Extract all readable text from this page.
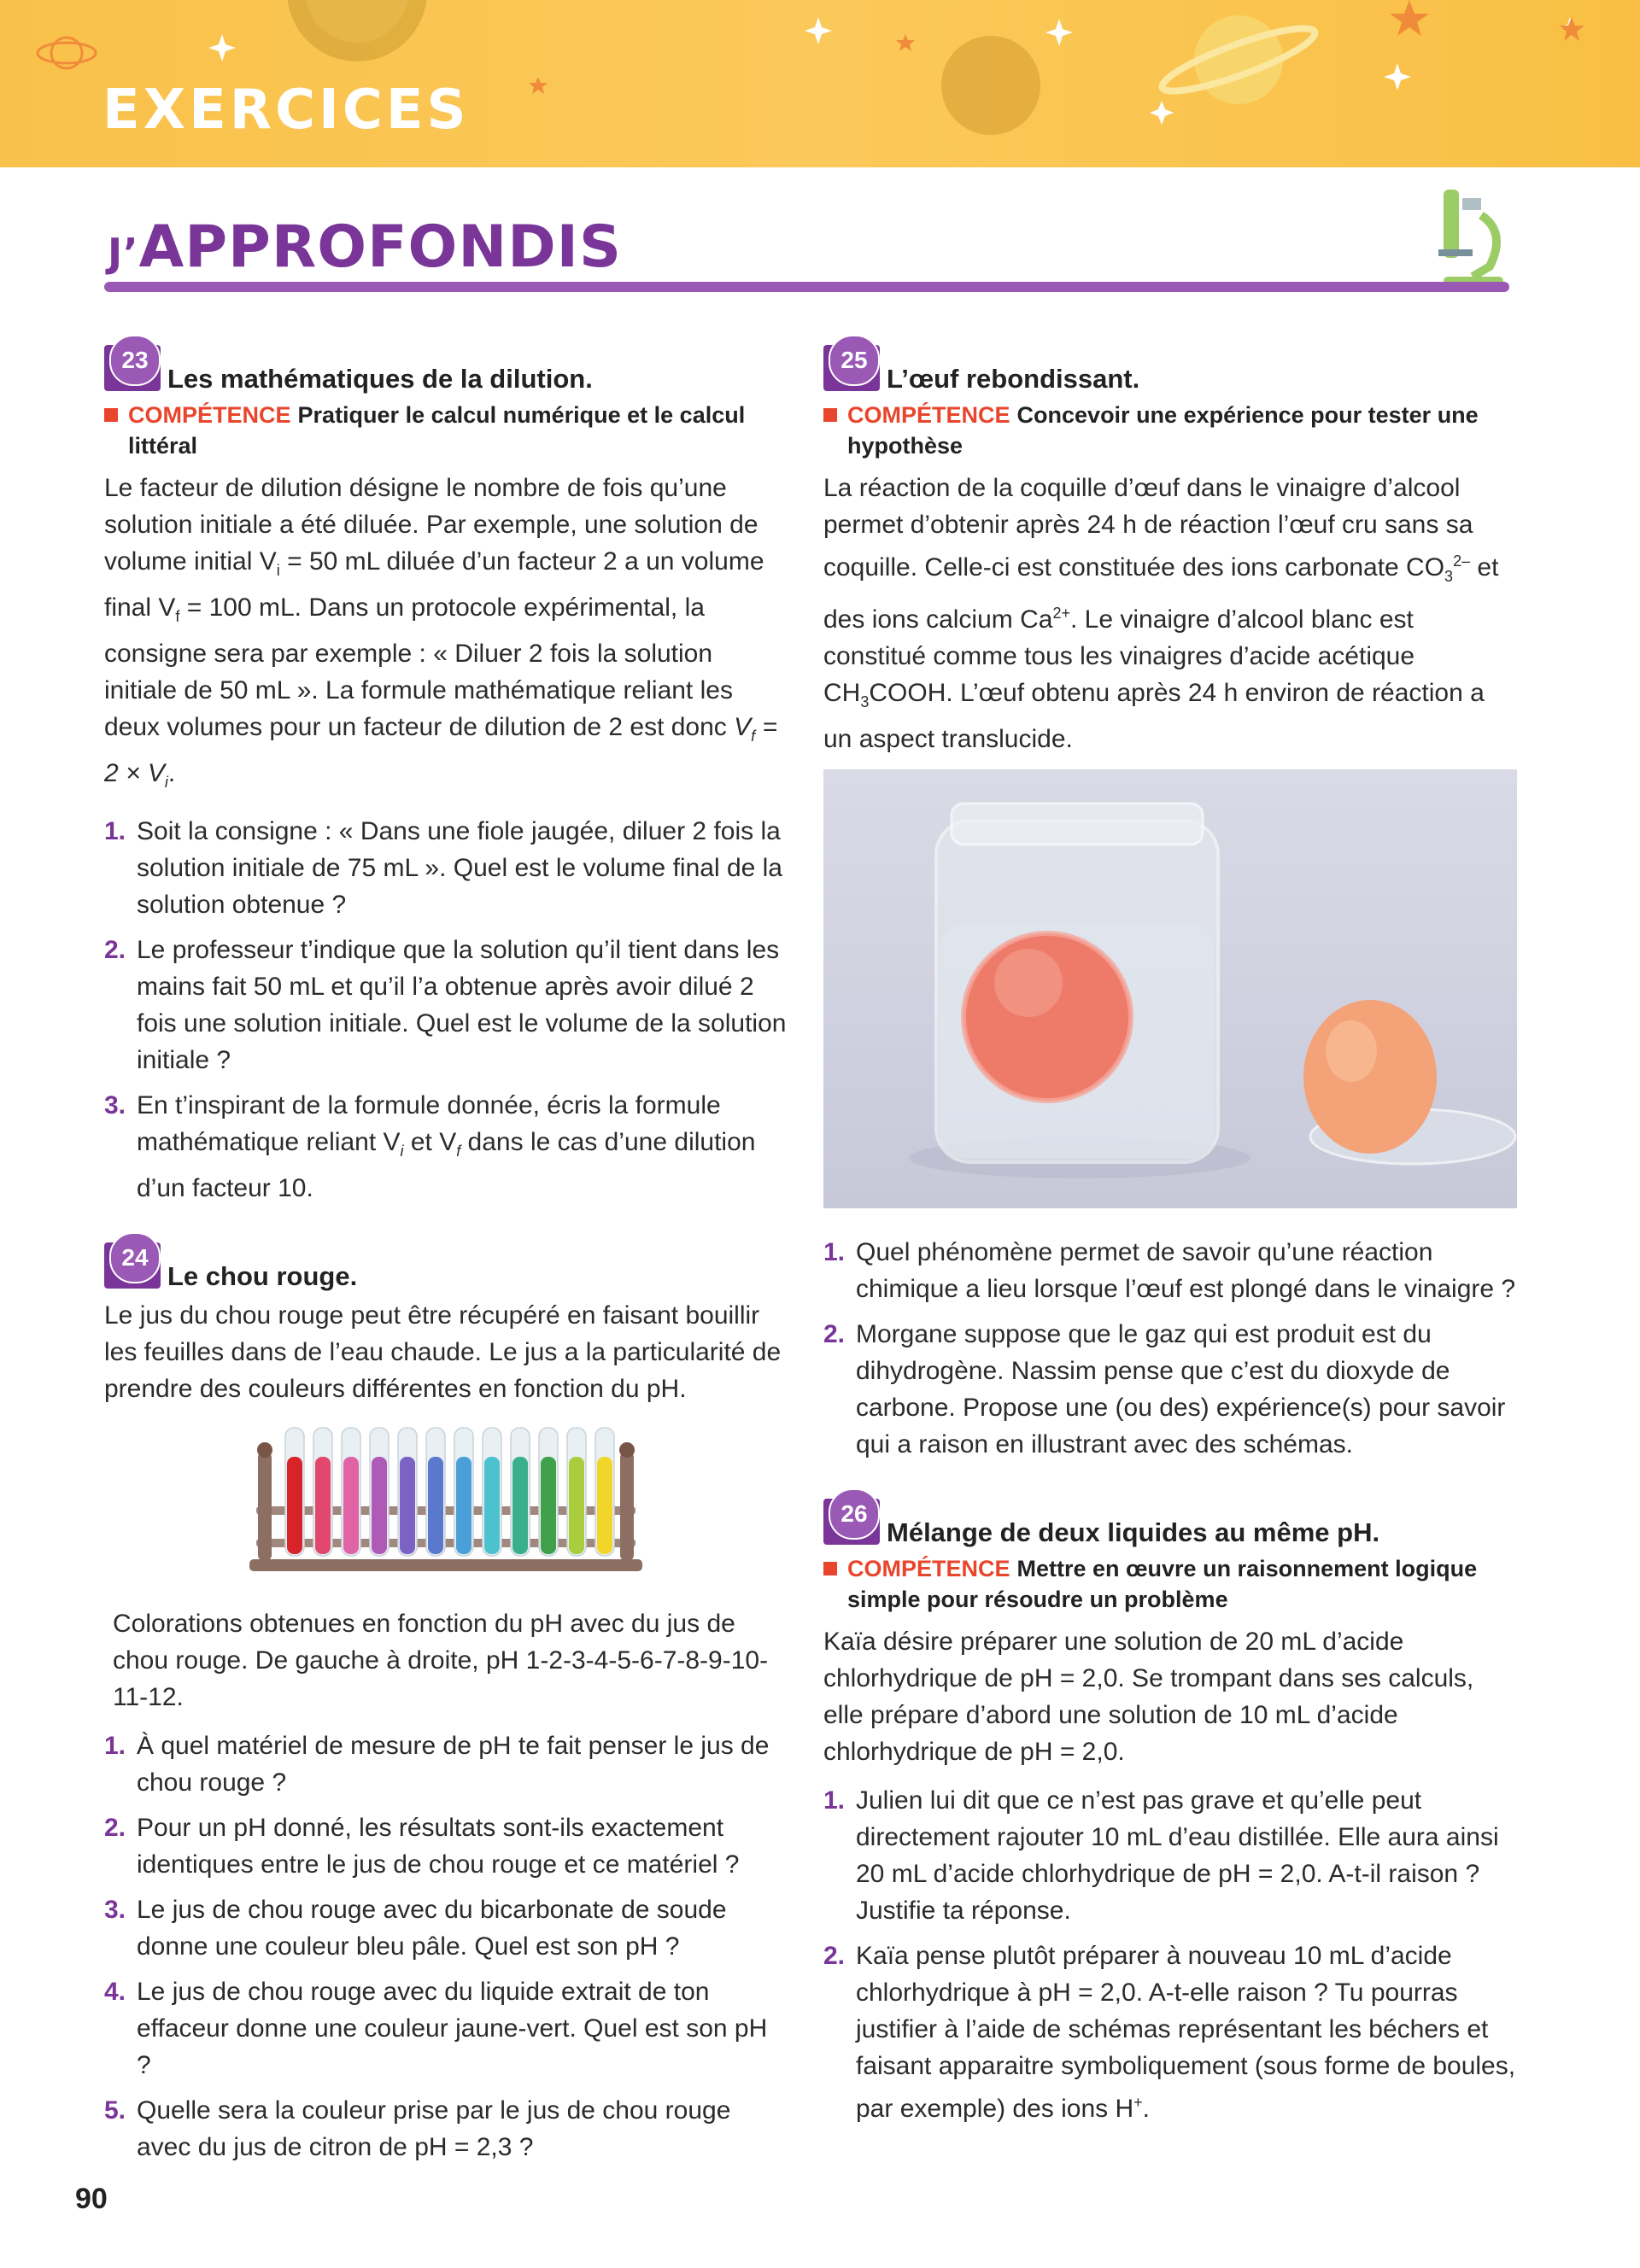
EXERCICES
J’APPROFONDIS
23
Les mathématiques de la dilution.
COMPÉTENCE Pratiquer le calcul numérique et le calcul littéral

Le facteur de dilution désigne le nombre de fois qu’une solution initiale a été diluée. Par exemple, une solution de volume initial $V_i = 50$ mL diluée d’un facteur 2 a un volume final $V_f = 100$ mL. Dans un protocole expérimental, la consigne sera par exemple : « Diluer 2 fois la solution initiale de 50 mL ». La formule mathématique reliant les deux volumes pour un facteur de dilution de 2 est donc $V_f = 2 \times V_i$.

1. Soit la consigne : « Dans une fiole jaugée, diluer 2 fois la solution initiale de 75 mL ». Quel est le volume final de la solution obtenue ?
2. Le professeur t’indique que la solution qu’il tient dans les mains fait 50 mL et qu’il l’a obtenue après avoir dilué 2 fois une solution initiale. Quel est le volume de la solution initiale ?
3. En t’inspirant de la formule donnée, écris la formule mathématique reliant $V_i$ et $V_f$ dans le cas d’une dilution d’un facteur 10.
24
Le chou rouge.

Le jus du chou rouge peut être récupéré en faisant bouillir les feuilles dans de l’eau chaude. Le jus a la particularité de prendre des couleurs différentes en fonction du pH.

Colorations obtenues en fonction du pH avec du jus de chou rouge. De gauche à droite, pH 1-2-3-4-5-6-7-8-9-10-11-12.

1. À quel matériel de mesure de pH te fait penser le jus de chou rouge ?
2. Pour un pH donné, les résultats sont-ils exactement identiques entre le jus de chou rouge et ce matériel ?
3. Le jus de chou rouge avec du bicarbonate de soude donne une couleur bleu pâle. Quel est son pH ?
4. Le jus de chou rouge avec du liquide extrait de ton effaceur donne une couleur jaune-vert. Quel est son pH ?
5. Quelle sera la couleur prise par le jus de chou rouge avec du jus de citron de pH = 2,3 ?
25
L’œuf rebondissant.
COMPÉTENCE Concevoir une expérience pour tester une hypothèse

La réaction de la coquille d’œuf dans le vinaigre d’alcool permet d’obtenir après 24 h de réaction l’œuf cru sans sa coquille. Celle-ci est constituée des ions carbonate $CO_3^{2-}$ et des ions calcium $Ca^{2+}$. Le vinaigre d’alcool blanc est constitué comme tous les vinaigres d’acide acétique $CH_3COOH$. L’œuf obtenu après 24 h environ de réaction a un aspect translucide.

1. Quel phénomène permet de savoir qu’une réaction chimique a lieu lorsque l’œuf est plongé dans le vinaigre ?
2. Morgane suppose que le gaz qui est produit est du dihydrogène. Nassim pense que c’est du dioxyde de carbone. Propose une (ou des) expérience(s) pour savoir qui a raison en illustrant avec des schémas.
26
Mélange de deux liquides au même pH.
COMPÉTENCE Mettre en œuvre un raisonnement logique simple pour résoudre un problème

Kaïa désire préparer une solution de 20 mL d’acide chlorhydrique de pH = 2,0. Se trompant dans ses calculs, elle prépare d’abord une solution de 10 mL d’acide chlorhydrique de pH = 2,0.

1. Julien lui dit que ce n’est pas grave et qu’elle peut directement rajouter 10 mL d’eau distillée. Elle aura ainsi 20 mL d’acide chlorhydrique de pH = 2,0. A-t-il raison ? Justifie ta réponse.
2. Kaïa pense plutôt préparer à nouveau 10 mL d’acide chlorhydrique à pH = 2,0. A-t-elle raison ? Tu pourras justifier à l’aide de schémas représentant les béchers et faisant apparaitre symboliquement (sous forme de boules, par exemple) des ions H+.
90
